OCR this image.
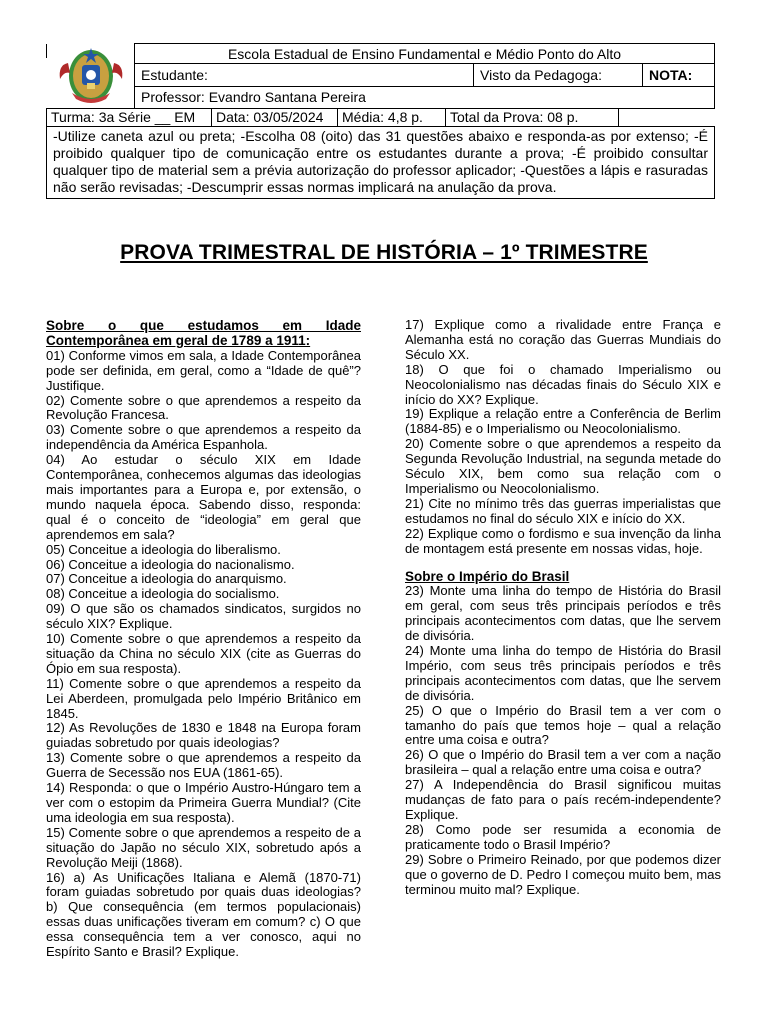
	Escola Estadual de Ensino Fundamental e Médio Ponto do Alto		
	Estudante:	Visto da Pedagoga:	NOTA:
	Professor: Evandro Santana Pereira		
Turma: 3a Série __ EM	Data: 03/05/2024	Média: 4,8 p.	Total da Prova: 08 p.
-Utilize caneta azul ou preta; -Escolha 08 (oito) das 31 questões abaixo e responda-as por extenso; -É proibido qualquer tipo de comunicação entre os estudantes durante a prova; -É proibido consultar qualquer tipo de material sem a prévia autorização do professor aplicador; -Questões a lápis e rasuradas não serão revisadas; -Descumprir essas normas implicará na anulação da prova.
PROVA TRIMESTRAL DE HISTÓRIA – 1º TRIMESTRE
Sobre o que estudamos em Idade Contemporânea em geral de 1789 a 1911:

01) Conforme vimos em sala, a Idade Contemporânea pode ser definida, em geral, como a “Idade de quê”? Justifique.

02) Comente sobre o que aprendemos a respeito da Revolução Francesa.

03) Comente sobre o que aprendemos a respeito da independência da América Espanhola.

04) Ao estudar o século XIX em Idade Contemporânea, conhecemos algumas das ideologias mais importantes para a Europa e, por extensão, o mundo naquela época. Sabendo disso, responda: qual é o conceito de “ideologia” em geral que aprendemos em sala?

05) Conceitue a ideologia do liberalismo.

06) Conceitue a ideologia do nacionalismo.

07) Conceitue a ideologia do anarquismo.

08) Conceitue a ideologia do socialismo.

09) O que são os chamados sindicatos, surgidos no século XIX? Explique.

10) Comente sobre o que aprendemos a respeito da situação da China no século XIX (cite as Guerras do Ópio em sua resposta).

11) Comente sobre o que aprendemos a respeito da Lei Aberdeen, promulgada pelo Império Britânico em 1845.

12) As Revoluções de 1830 e 1848 na Europa foram guiadas sobretudo por quais ideologias?

13) Comente sobre o que aprendemos a respeito da Guerra de Secessão nos EUA (1861-65).

14) Responda: o que o Império Austro-Húngaro tem a ver com o estopim da Primeira Guerra Mundial? (Cite uma ideologia em sua resposta).

15) Comente sobre o que aprendemos a respeito de a situação do Japão no século XIX, sobretudo após a Revolução Meiji (1868).

16) a) As Unificações Italiana e Alemã (1870-71) foram guiadas sobretudo por quais duas ideologias? b) Que consequência (em termos populacionais) essas duas unificações tiveram em comum? c) O que essa consequência tem a ver conosco, aqui no Espírito Santo e Brasil? Explique.

17) Explique como a rivalidade entre França e Alemanha está no coração das Guerras Mundiais do Século XX.

18) O que foi o chamado Imperialismo ou Neocolonialismo nas décadas finais do Século XIX e início do XX? Explique.

19) Explique a relação entre a Conferência de Berlim (1884-85) e o Imperialismo ou Neocolonialismo.

20) Comente sobre o que aprendemos a respeito da Segunda Revolução Industrial, na segunda metade do Século XIX, bem como sua relação com o Imperialismo ou Neocolonialismo.

21) Cite no mínimo três das guerras imperialistas que estudamos no final do século XIX e início do XX.

22) Explique como o fordismo e sua invenção da linha de montagem está presente em nossas vidas, hoje.

Sobre o Império do Brasil

23) Monte uma linha do tempo de História do Brasil em geral, com seus três principais períodos e três principais acontecimentos com datas, que lhe servem de divisória.

24) Monte uma linha do tempo de História do Brasil Império, com seus três principais períodos e três principais acontecimentos com datas, que lhe servem de divisória.

25) O que o Império do Brasil tem a ver com o tamanho do país que temos hoje – qual a relação entre uma coisa e outra?

26) O que o Império do Brasil tem a ver com a nação brasileira – qual a relação entre uma coisa e outra?

27) A Independência do Brasil significou muitas mudanças de fato para o país recém-independente? Explique.

28) Como pode ser resumida a economia de praticamente todo o Brasil Império?

29) Sobre o Primeiro Reinado, por que podemos dizer que o governo de D. Pedro I começou muito bem, mas terminou muito mal? Explique.
